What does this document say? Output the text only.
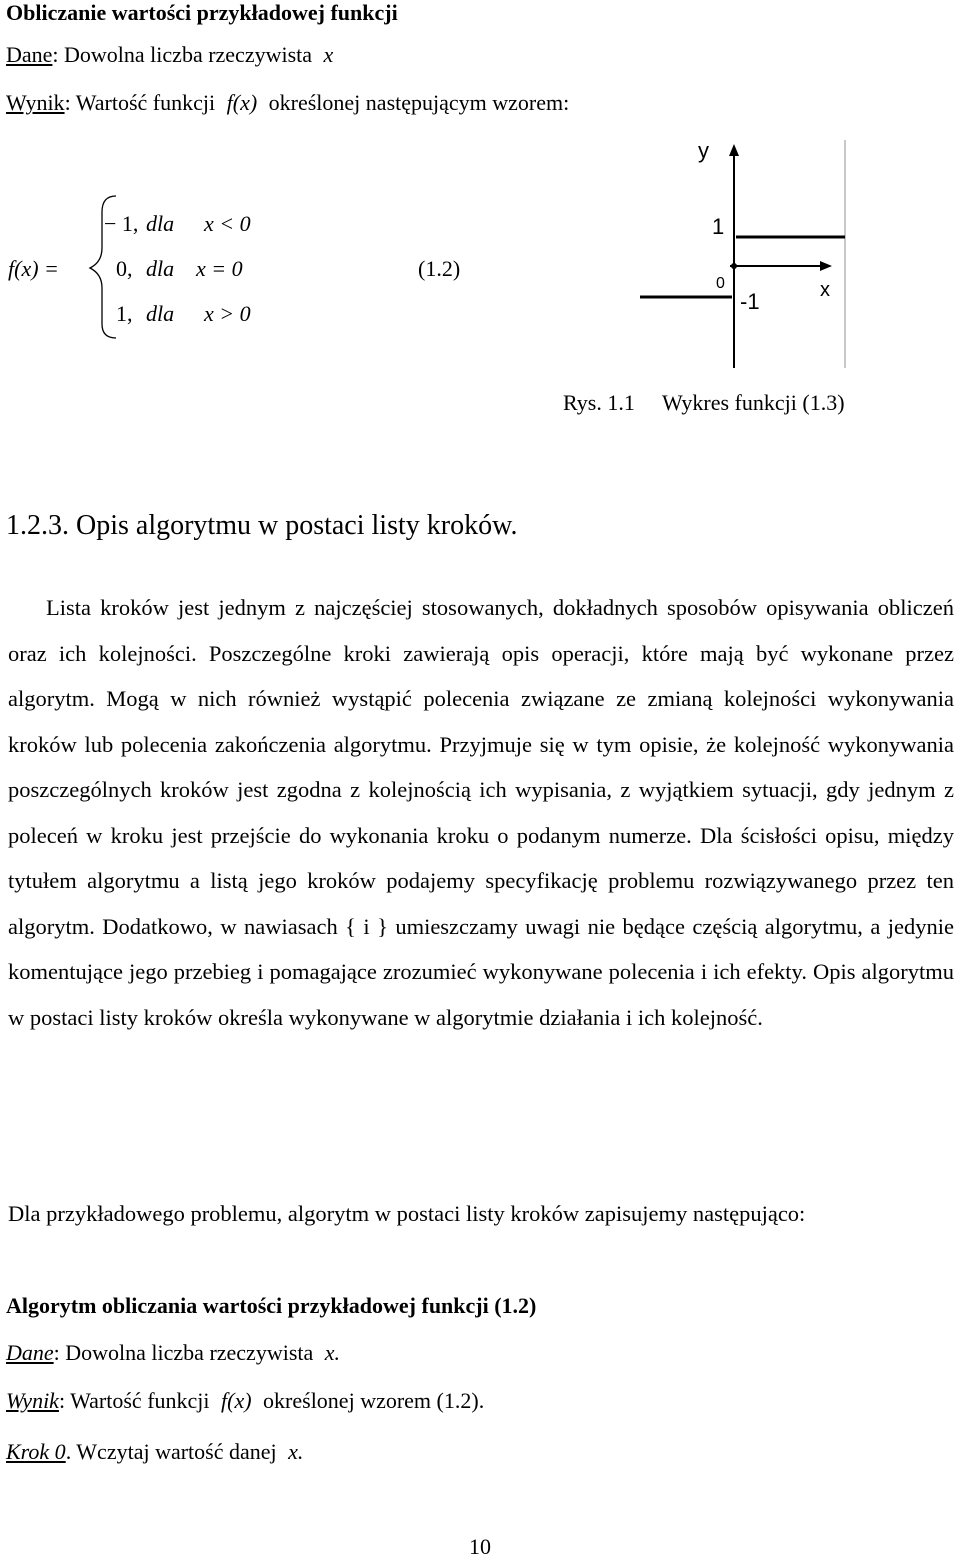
Obliczanie wartości przykładowej funkcji
Dane: Dowolna liczba rzeczywista x
Wynik: Wartość funkcji f(x) określonej następującym wzorem:
f(x) =
− 1, dla x < 0
0, dla x = 0
1, dla x > 0
(1.2)
y
x
1
0
-1
Rys. 1.1     Wykres funkcji (1.3)
1.2.3. Opis algorytmu w postaci listy kroków.

Lista kroków jest jednym z najczęściej stosowanych, dokładnych sposobów opisywania obliczeń oraz ich kolejności. Poszczególne kroki zawierają opis operacji, które mają być wykonane przez algorytm. Mogą w nich również wystąpić polecenia związane ze zmianą kolejności wykonywania kroków lub polecenia zakończenia algorytmu. Przyjmuje się w tym opisie, że kolejność wykonywania poszczególnych kroków jest zgodna z kolejnością ich wypisania, z wyjątkiem sytuacji, gdy jednym z poleceń w kroku jest przejście do wykonania kroku o podanym numerze. Dla ścisłości opisu, między tytułem algorytmu a listą jego kroków podajemy specyfikację problemu rozwiązywanego przez ten algorytm. Dodatkowo, w nawiasach { i } umieszczamy uwagi nie będące częścią algorytmu, a jedynie komentujące jego przebieg i pomagające zrozumieć wykonywane polecenia i ich efekty. Opis algorytmu w postaci listy kroków określa wykonywane w algorytmie działania i ich kolejność.

Dla przykładowego problemu, algorytm w postaci listy kroków zapisujemy następująco:

Algorytm obliczania wartości przykładowej funkcji (1.2)
Dane: Dowolna liczba rzeczywista x.
Wynik: Wartość funkcji f(x) określonej wzorem (1.2).
Krok 0. Wczytaj wartość danej x.
10
